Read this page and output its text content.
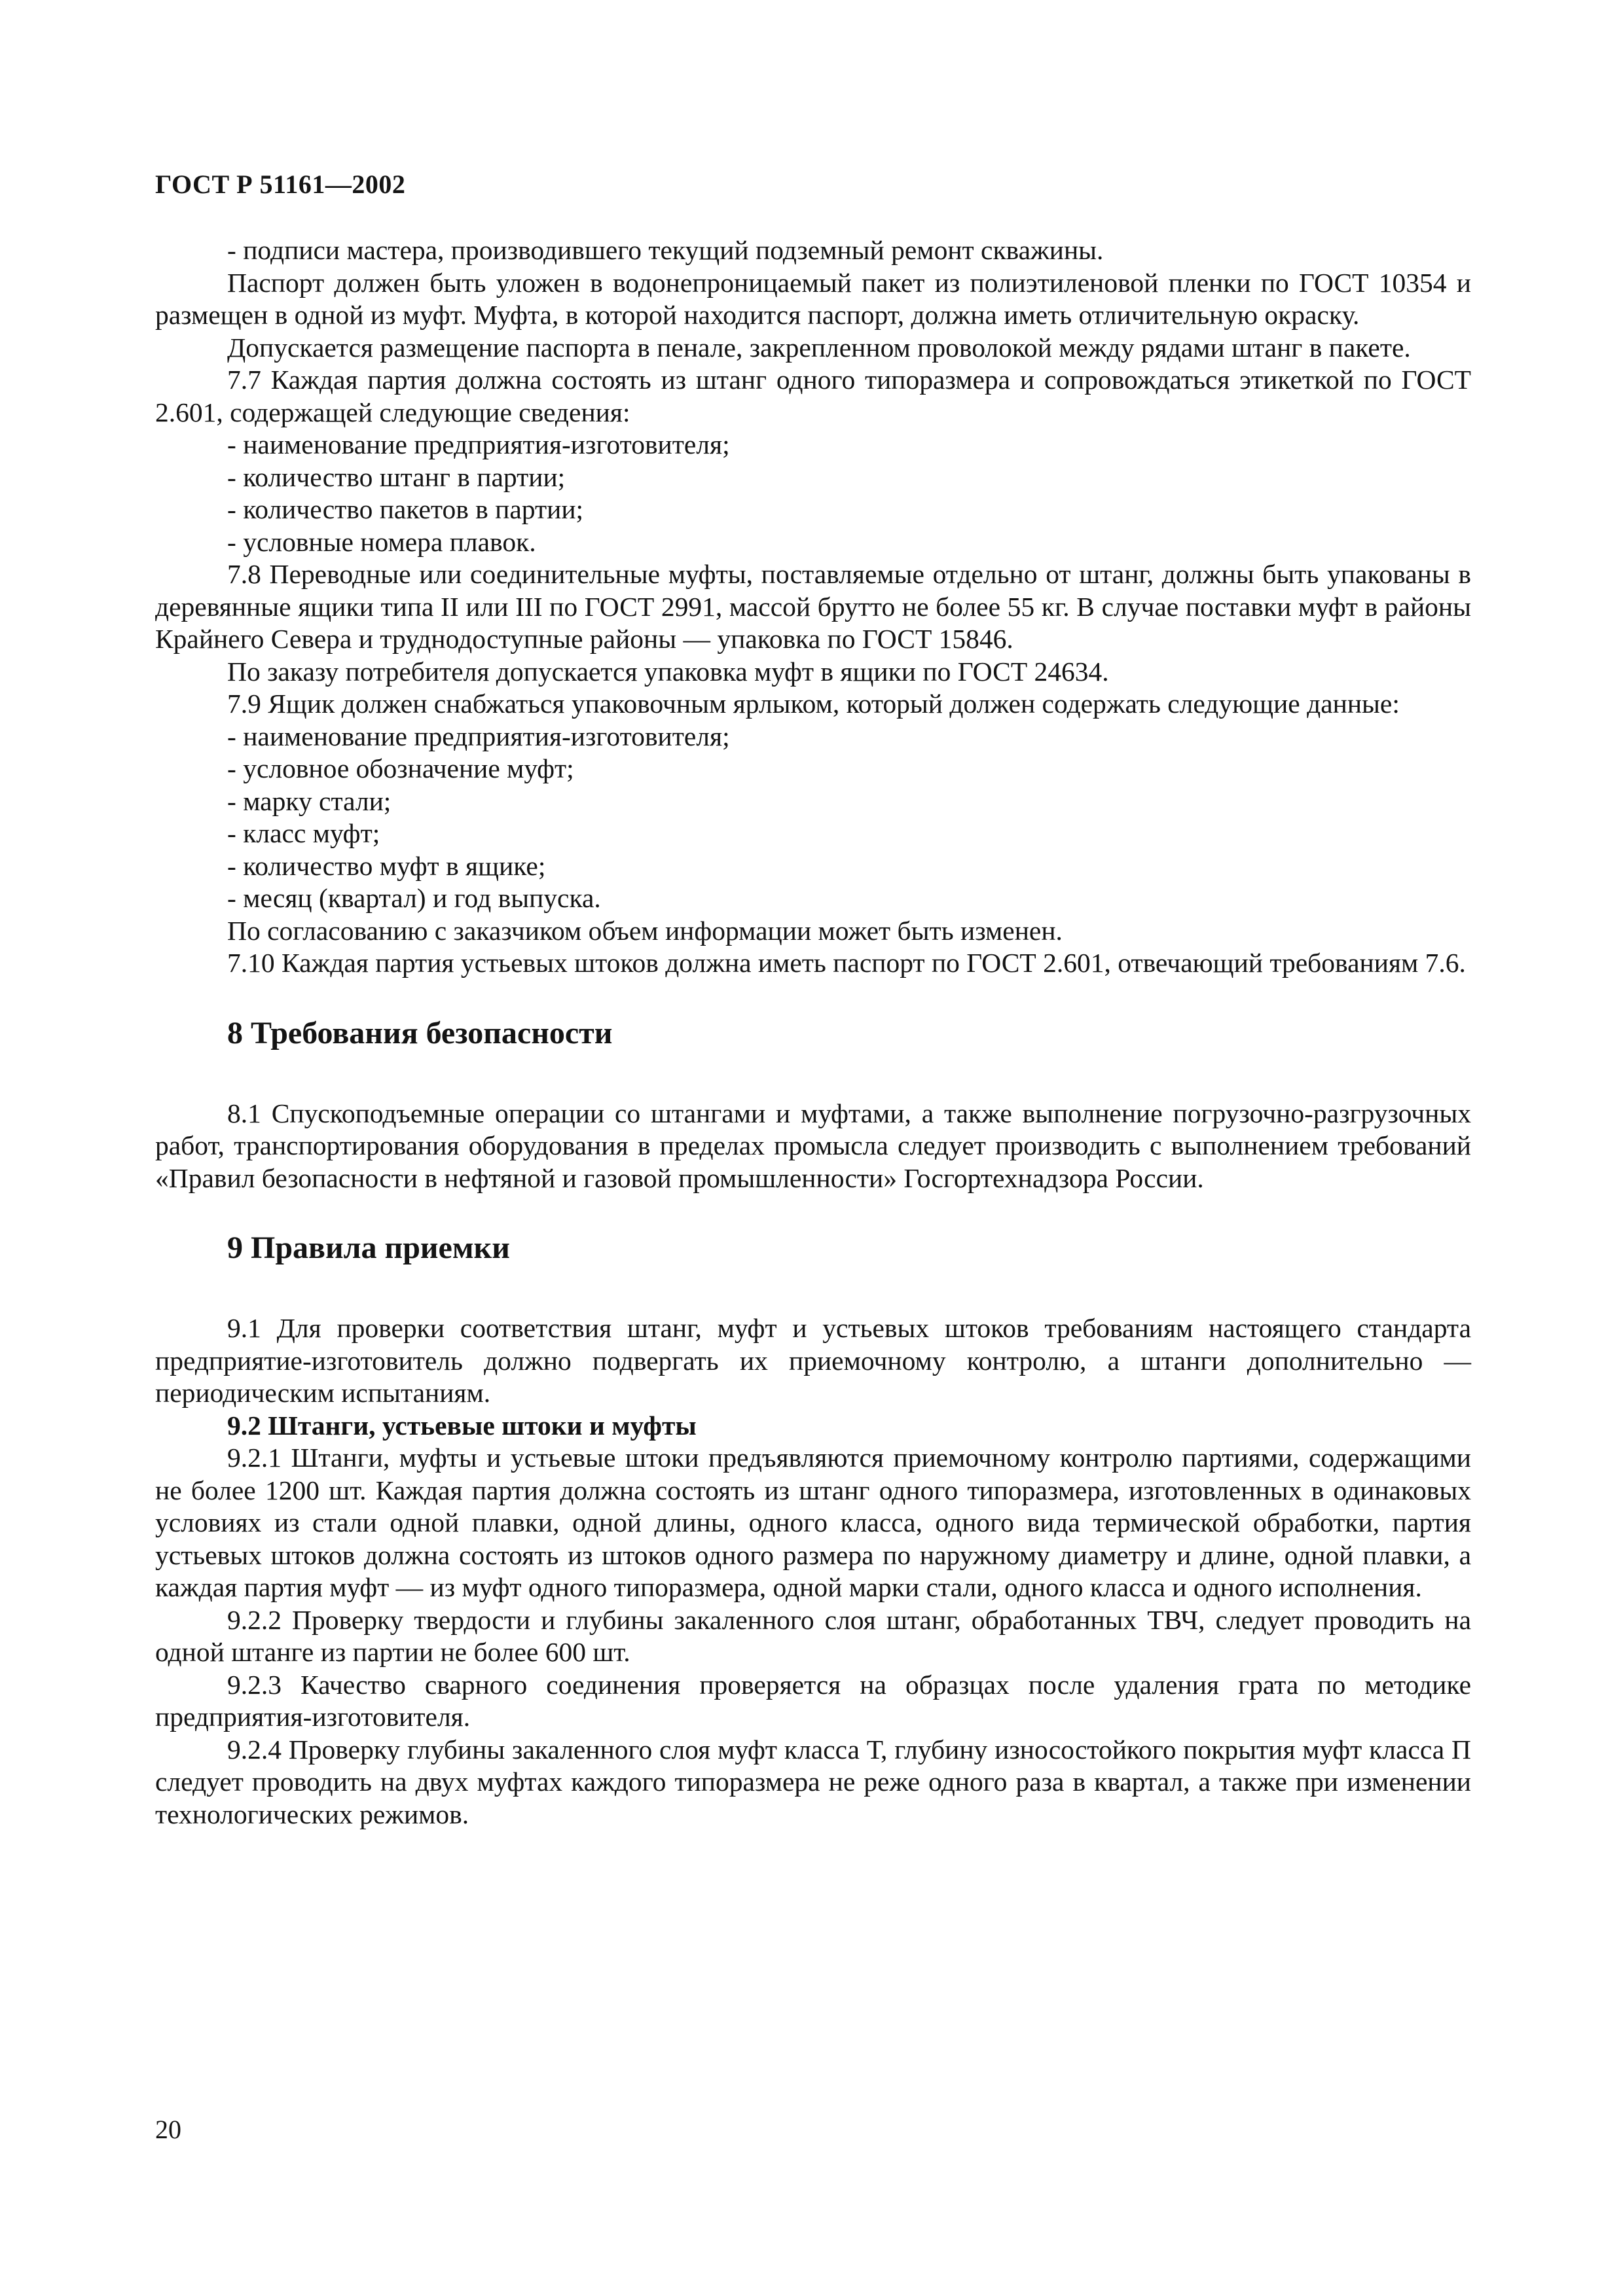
ГОСТ Р 51161—2002

- подписи мастера, производившего текущий подземный ремонт скважины.

Паспорт должен быть уложен в водонепроницаемый пакет из полиэтиленовой пленки по ГОСТ 10354 и размещен в одной из муфт. Муфта, в которой находится паспорт, должна иметь отличительную окраску.

Допускается размещение паспорта в пенале, закрепленном проволокой между рядами штанг в пакете.

7.7 Каждая партия должна состоять из штанг одного типоразмера и сопровождаться этикеткой по ГОСТ 2.601, содержащей следующие сведения:

- наименование предприятия-изготовителя;

- количество штанг в партии;

- количество пакетов в партии;

- условные номера плавок.

7.8 Переводные или соединительные муфты, поставляемые отдельно от штанг, должны быть упакованы в деревянные ящики типа II или III по ГОСТ 2991, массой брутто не более 55 кг. В случае поставки муфт в районы Крайнего Севера и труднодоступные районы — упаковка по ГОСТ 15846.

По заказу потребителя допускается упаковка муфт в ящики по ГОСТ 24634.

7.9 Ящик должен снабжаться упаковочным ярлыком, который должен содержать следующие данные:

- наименование предприятия-изготовителя;

- условное обозначение муфт;

- марку стали;

- класс муфт;

- количество муфт в ящике;

- месяц (квартал) и год выпуска.

По согласованию с заказчиком объем информации может быть изменен.

7.10 Каждая партия устьевых штоков должна иметь паспорт по ГОСТ 2.601, отвечающий требованиям 7.6.

8 Требования безопасности

8.1 Спускоподъемные операции со штангами и муфтами, а также выполнение погрузочно-разгрузочных работ, транспортирования оборудования в пределах промысла следует производить с выполнением требований «Правил безопасности в нефтяной и газовой промышленности» Госгортехнадзора России.

9 Правила приемки

9.1 Для проверки соответствия штанг, муфт и устьевых штоков требованиям настоящего стандарта предприятие-изготовитель должно подвергать их приемочному контролю, а штанги дополнительно — периодическим испытаниям.

9.2 Штанги, устьевые штоки и муфты

9.2.1 Штанги, муфты и устьевые штоки предъявляются приемочному контролю партиями, содержащими не более 1200 шт. Каждая партия должна состоять из штанг одного типоразмера, изготовленных в одинаковых условиях из стали одной плавки, одной длины, одного класса, одного вида термической обработки, партия устьевых штоков должна состоять из штоков одного размера по наружному диаметру и длине, одной плавки, а каждая партия муфт — из муфт одного типоразмера, одной марки стали, одного класса и одного исполнения.

9.2.2 Проверку твердости и глубины закаленного слоя штанг, обработанных ТВЧ, следует проводить на одной штанге из партии не более 600 шт.

9.2.3 Качество сварного соединения проверяется на образцах после удаления грата по методике предприятия-изготовителя.

9.2.4 Проверку глубины закаленного слоя муфт класса Т, глубину износостойкого покрытия муфт класса П следует проводить на двух муфтах каждого типоразмера не реже одного раза в квартал, а также при изменении технологических режимов.

20
